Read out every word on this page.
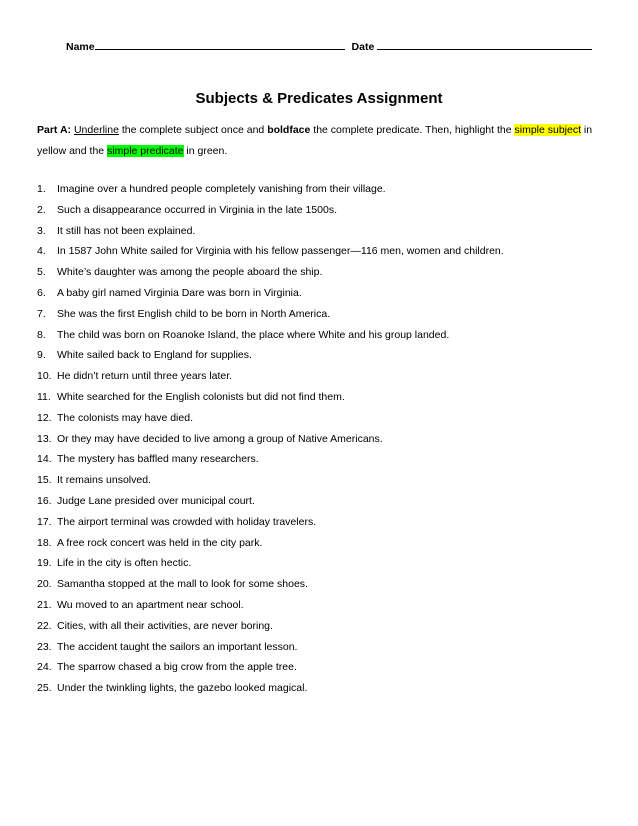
Name	Date
Subjects & Predicates Assignment
Part A: Underline the complete subject once and boldface the complete predicate. Then, highlight the simple subject in yellow and the simple predicate in green.
1.	Imagine over a hundred people completely vanishing from their village.
2.	Such a disappearance occurred in Virginia in the late 1500s.
3.	It still has not been explained.
4.	In 1587 John White sailed for Virginia with his fellow passenger—116 men, women and children.
5.	White’s daughter was among the people aboard the ship.
6.	A baby girl named Virginia Dare was born in Virginia.
7.	She was the first English child to be born in North America.
8.	The child was born on Roanoke Island, the place where White and his group landed.
9.	White sailed back to England for supplies.
10. He didn’t return until three years later.
11. White searched for the English colonists but did not find them.
12. The colonists may have died.
13. Or they may have decided to live among a group of Native Americans.
14. The mystery has baffled many researchers.
15. It remains unsolved.
16. Judge Lane presided over municipal court.
17. The airport terminal was crowded with holiday travelers.
18. A free rock concert was held in the city park.
19. Life in the city is often hectic.
20. Samantha stopped at the mall to look for some shoes.
21. Wu moved to an apartment near school.
22. Cities, with all their activities, are never boring.
23. The accident taught the sailors an important lesson.
24. The sparrow chased a big crow from the apple tree.
25. Under the twinkling lights, the gazebo looked magical.
